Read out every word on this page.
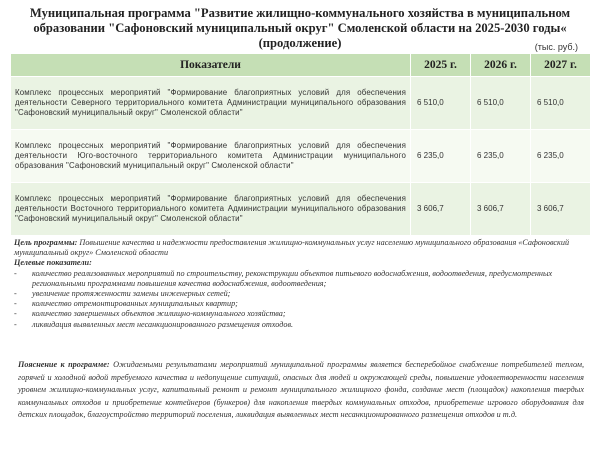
Муниципальная программа "Развитие жилищно-коммунального хозяйства в муниципальном
образовании "Сафоновский муниципальный округ" Смоленской области на 2025-2030 годы«
(продолжение)	(тыс. руб.)
Показатели	2025 г.	2026 г.	2027 г.
Комплекс процессных мероприятий "Формирование благоприятных условий для обеспечения деятельности Северного территориального комитета Администрации муниципального образования "Сафоновский муниципальный округ" Смоленской области"	6 510,0	6 510,0	6 510,0
Комплекс процессных мероприятий "Формирование благоприятных условий для обеспечения деятельности Юго-восточного территориального комитета Администрации муниципального образования "Сафоновский муниципальный округ" Смоленской области"	6 235,0	6 235,0	6 235,0
Комплекс процессных мероприятий "Формирование благоприятных условий для обеспечения деятельности Восточного территориального комитета Администрации муниципального образования "Сафоновский муниципальный округ" Смоленской области"	3 606,7	3 606,7	3 606,7
Цель программы: Повышение качества и надежности предоставления жилищно-коммунальных услуг населению муниципального образования «Сафоновский муниципальный округ» Смоленской области
Целевые показатели:
- количество реализованных мероприятий по строительству, реконструкции объектов питьевого водоснабжения, водоотведения, предусмотренных региональными программами повышения качества водоснабжения, водоотведения;
- увеличение протяженности замены инженерных сетей;
- количество отремонтированных муниципальных квартир;
- количество завершенных объектов жилищно-коммунального хозяйства;
- ликвидация выявленных мест несанкционированного размещения отходов.
Пояснение к программе: Ожидаемыми результатами мероприятий муниципальной программы является бесперебойное снабжение потребителей теплом, горячей и холодной водой требуемого качества и недопущение ситуаций, опасных для людей и окружающей среды, повышение удовлетворенности населения уровнем жилищно-коммунальных услуг, капитальный ремонт и ремонт муниципального жилищного фонда, создание мест (площадок) накопления твердых коммунальных отходов и приобретение контейнеров (бункеров) для накопления твердых коммунальных отходов, приобретение игрового оборудования для детских площадок, благоустройство территорий поселения, ликвидация выявленных мест несанкционированного размещения отходов и т.д.
